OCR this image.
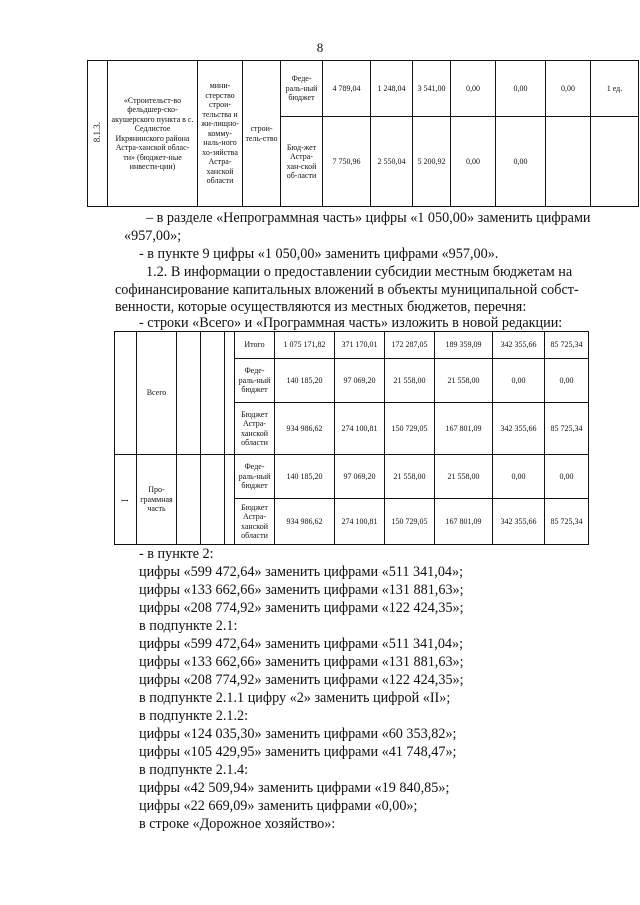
8
8.1.3.	«Строительст-во фельдшер-ско-акушерского пункта в с. Седлистое Икрянинского района Астра-ханской облас-ти» (бюджет-ные инвести-ции)	мини-стерство строи-тельства и жи-лищно-комму-наль-ного хо-зяйства Астра-ханской области	строи-тель-ство	Феде-раль-ный бюджет	4 789,04	1 248,04	3 541,00	0,00	0,00	0,00	1 ед.
				Бюд-жет Астра-хан-ской об-ласти	7 750,96	2 550,04	5 200,92	0,00	0,00		
– в разделе «Непрограммная часть» цифры «1 050,00» заменить цифрами
«957,00»;
- в пункте 9 цифры «1 050,00» заменить цифрами «957,00».
1.2. В информации о предоставлении субсидии местным бюджетам на
софинансирование капитальных вложений в объекты муниципальной собст-
венности, которые осуществляются из местных бюджетов, перечня:
- строки «Всего» и «Программная часть» изложить в новой редакции:
	Всего				Итого	1 075 171,82	371 170,01	172 287,05	189 359,09	342 355,66	85 725,34
					Феде-раль-ный бюджет	140 185,20	97 069,20	21 558,00	21 558,00	0,00	0,00
					Бюджет Астра-ханской области	934 986,62	274 100,81	150 729,05	167 801,09	342 355,66	85 725,34
I	Про-граммная часть				Феде-раль-ный бюджет	140 185,20	97 069,20	21 558,00	21 558,00	0,00	0,00
					Бюджет Астра-ханской области	934 986,62	274 100,81	150 729,05	167 801,09	342 355,66	85 725,34
- в пункте 2:
цифры «599 472,64» заменить цифрами «511 341,04»;
цифры «133 662,66» заменить цифрами «131 881,63»;
цифры «208 774,92» заменить цифрами «122 424,35»;
в подпункте 2.1:
цифры «599 472,64» заменить цифрами «511 341,04»;
цифры «133 662,66» заменить цифрами «131 881,63»;
цифры «208 774,92» заменить цифрами «122 424,35»;
в подпункте 2.1.1 цифру «2» заменить цифрой «II»;
в подпункте 2.1.2:
цифры «124 035,30» заменить цифрами «60 353,82»;
цифры «105 429,95» заменить цифрами «41 748,47»;
в подпункте 2.1.4:
цифры «42 509,94» заменить цифрами «19 840,85»;
цифры «22 669,09» заменить цифрами «0,00»;
в строке «Дорожное хозяйство»:
